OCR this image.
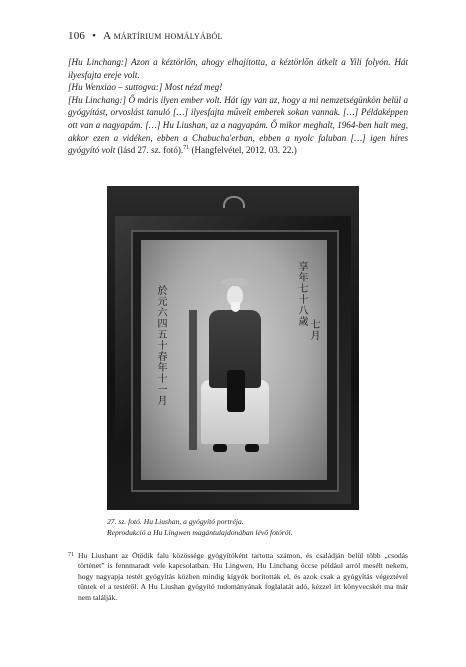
106 • A mártírium homályából

[Hu Linchang:] Azon a kéztörlőn, ahogy elhajította, a kéztörlőn átkelt a Yili folyón. Hát ilyesfajta ereje volt.

[Hu Wenxiao – suttogva:] Most nézd meg!

[Hu Linchang:] Ő máris ilyen ember volt. Hát így van az, hogy a mi nemzetségünkön belül a gyógyítást, orvoslást tanuló […] ilyesfajta művelt emberek sokan vannak. […] Példaképpen ott van a nagyapám. […] Hu Liushan, az a nagyapám. Ő mikor meghalt, 1964-ben halt meg, akkor ezen a vidéken, ebben a Chabucha'erban, ebben a nyolc faluban […] igen híres gyógyító volt (lásd 27. sz. fotó).$^{71}$ (Hangfelvétel, 2012. 03. 22.)

於元六四五十春年十一月
享年七十八歲 七月

27. sz. fotó. Hu Liushan, a gyógyító portréja.

Reprodukció a Hu Lingwen magántulajdonában lévő fotóról.

71 Hu Liushant az Ötödik falu közössége gyógyítóként tartotta számon, és családján belül több „csodás történet” is fennmaradt vele kapcsolatban. Hu Lingwen, Hu Linchang öccse például arról mesélt nekem, hogy nagyapja testét gyógyítás közben mindig kígyók borították el, és azok csak a gyógyítás végeztével tűntek el a testéről. A Hu Liushan gyógyító tudományának foglalatát adó, kézzel írt könyvecskét ma már nem találják.
